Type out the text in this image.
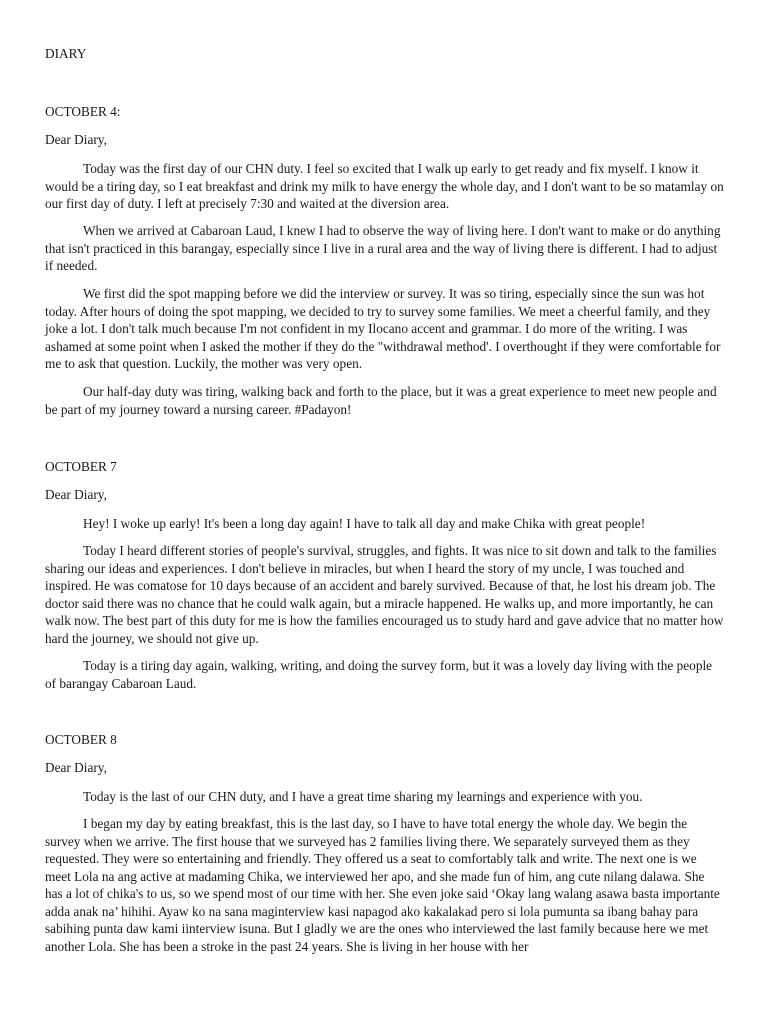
DIARY
OCTOBER 4:
Dear Diary,

Today was the first day of our CHN duty. I feel so excited that I walk up early to get ready and fix myself. I know it would be a tiring day, so I eat breakfast and drink my milk to have energy the whole day, and I don't want to be so matamlay on our first day of duty. I left at precisely 7:30 and waited at the diversion area.

When we arrived at Cabaroan Laud, I knew I had to observe the way of living here. I don't want to make or do anything that isn't practiced in this barangay, especially since I live in a rural area and the way of living there is different. I had to adjust if needed.

We first did the spot mapping before we did the interview or survey. It was so tiring, especially since the sun was hot today. After hours of doing the spot mapping, we decided to try to survey some families. We meet a cheerful family, and they joke a lot. I don't talk much because I'm not confident in my Ilocano accent and grammar. I do more of the writing. I was ashamed at some point when I asked the mother if they do the "withdrawal method'. I overthought if they were comfortable for me to ask that question. Luckily, the mother was very open.

Our half-day duty was tiring, walking back and forth to the place, but it was a great experience to meet new people and be part of my journey toward a nursing career. #Padayon!

OCTOBER 7
Dear Diary,

Hey! I woke up early! It's been a long day again! I have to talk all day and make Chika with great people!

Today I heard different stories of people's survival, struggles, and fights. It was nice to sit down and talk to the families sharing our ideas and experiences. I don't believe in miracles, but when I heard the story of my uncle, I was touched and inspired. He was comatose for 10 days because of an accident and barely survived. Because of that, he lost his dream job. The doctor said there was no chance that he could walk again, but a miracle happened. He walks up, and more importantly, he can walk now. The best part of this duty for me is how the families encouraged us to study hard and gave advice that no matter how hard the journey, we should not give up.

Today is a tiring day again, walking, writing, and doing the survey form, but it was a lovely day living with the people of barangay Cabaroan Laud.

OCTOBER 8
Dear Diary,

Today is the last of our CHN duty, and I have a great time sharing my learnings and experience with you.

I began my day by eating breakfast, this is the last day, so I have to have total energy the whole day. We begin the survey when we arrive. The first house that we surveyed has 2 families living there. We separately surveyed them as they requested. They were so entertaining and friendly. They offered us a seat to comfortably talk and write. The next one is we meet Lola na ang active at madaming Chika, we interviewed her apo, and she made fun of him, ang cute nilang dalawa. She has a lot of chika's to us, so we spend most of our time with her. She even joke said ‘Okay lang walang asawa basta importante adda anak na’ hihihi. Ayaw ko na sana maginterview kasi napagod ako kakalakad pero si lola pumunta sa ibang bahay para sabihing punta daw kami iinterview isuna. But I gladly we are the ones who interviewed the last family because here we met another Lola. She has been a stroke in the past 24 years. She is living in her house with her
